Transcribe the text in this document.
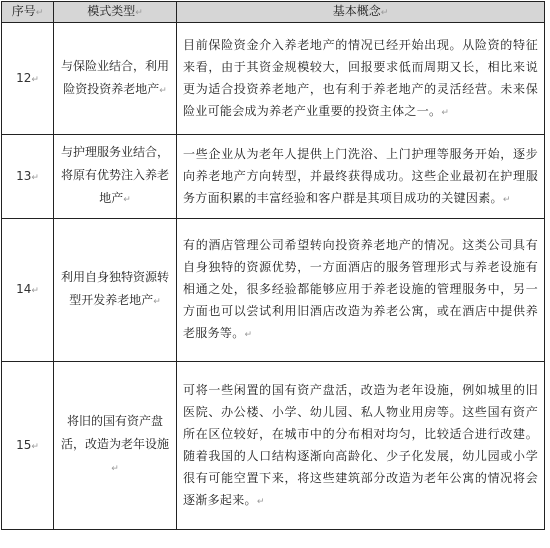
序号↵	模式类型↵	基本概念↵
12↵	与保险业结合，利用险资投资养老地产↵	目前保险资金介入养老地产的情况已经开始出现。从险资的特征来看，由于其资金规模较大，回报要求低而周期又长，相比来说更为适合投资养老地产，也有利于养老地产的灵活经营。未来保险业可能会成为养老产业重要的投资主体之一。↵
13↵	与护理服务业结合，将原有优势注入养老地产↵	一些企业从为老年人提供上门洗浴、上门护理等服务开始，逐步向养老地产方向转型，并最终获得成功。这些企业最初在护理服务方面积累的丰富经验和客户群是其项目成功的关键因素。↵
14↵	利用自身独特资源转型开发养老地产↵	有的酒店管理公司希望转向投资养老地产的情况。这类公司具有自身独特的资源优势，一方面酒店的服务管理形式与养老设施有相通之处，很多经验都能够应用于养老设施的管理服务中，另一方面也可以尝试利用旧酒店改造为养老公寓，或在酒店中提供养老服务等。↵
15↵	将旧的国有资产盘活，改造为老年设施↵	可将一些闲置的国有资产盘活，改造为老年设施，例如城里的旧医院、办公楼、小学、幼儿园、私人物业用房等。这些国有资产所在区位较好，在城市中的分布相对均匀，比较适合进行改建。随着我国的人口结构逐渐向高龄化、少子化发展，幼儿园或小学很有可能空置下来，将这些建筑部分改造为老年公寓的情况将会逐渐多起来。↵
